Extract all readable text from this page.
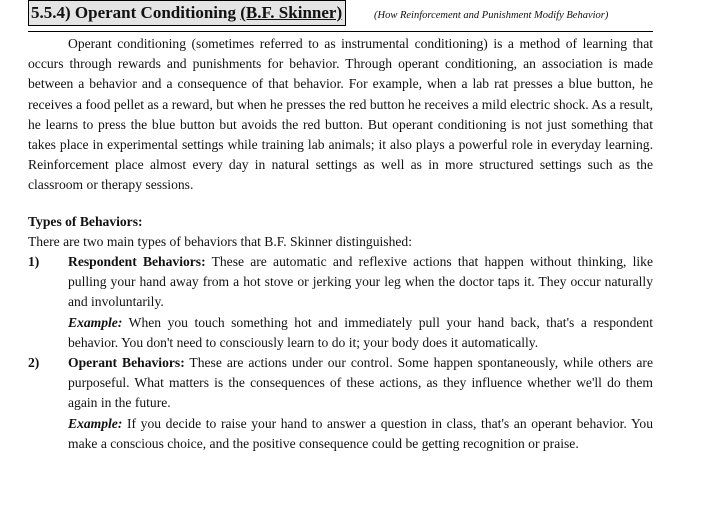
5.5.4) Operant Conditioning (B.F. Skinner)	(How Reinforcement and Punishment Modify Behavior)

Operant conditioning (sometimes referred to as instrumental conditioning) is a method of learning that occurs through rewards and punishments for behavior. Through operant conditioning, an association is made between a behavior and a consequence of that behavior. For example, when a lab rat presses a blue button, he receives a food pellet as a reward, but when he presses the red button he receives a mild electric shock. As a result, he learns to press the blue button but avoids the red button. But operant conditioning is not just something that takes place in experimental settings while training lab animals; it also plays a powerful role in everyday learning. Reinforcement place almost every day in natural settings as well as in more structured settings such as the classroom or therapy sessions.

Types of Behaviors:

There are two main types of behaviors that B.F. Skinner distinguished:

1)	Respondent Behaviors: These are automatic and reflexive actions that happen without thinking, like pulling your hand away from a hot stove or jerking your leg when the doctor taps it. They occur naturally and involuntarily.
Example: When you touch something hot and immediately pull your hand back, that's a respondent behavior. You don't need to consciously learn to do it; your body does it automatically.
2)	Operant Behaviors: These are actions under our control. Some happen spontaneously, while others are purposeful. What matters is the consequences of these actions, as they influence whether we'll do them again in the future.
Example: If you decide to raise your hand to answer a question in class, that's an operant behavior. You make a conscious choice, and the positive consequence could be getting recognition or praise.
